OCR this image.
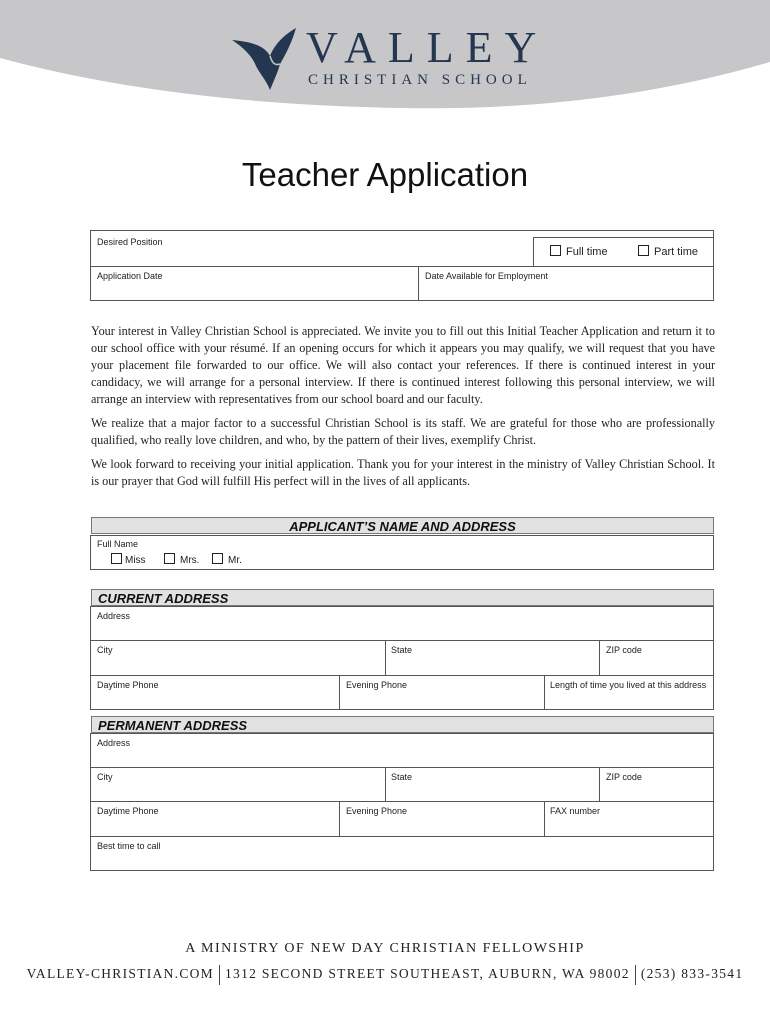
VALLEY
CHRISTIAN SCHOOL
Teacher Application
Desired Position
Full time	Part time
Application Date	Date Available for Employment
Your interest in Valley Christian School is appreciated. We invite you to fill out this Initial Teacher Application and return it to our school office with your résumé. If an opening occurs for which it appears you may qualify, we will request that you have your placement file forwarded to our office. We will also contact your references. If there is continued interest in your candidacy, we will arrange for a personal interview. If there is continued interest following this personal interview, we will arrange an interview with representatives from our school board and our faculty.
We realize that a major factor to a successful Christian School is its staff. We are grateful for those who are professionally qualified, who really love children, and who, by the pattern of their lives, exemplify Christ.
We look forward to receiving your initial application. Thank you for your interest in the ministry of Valley Christian School. It is our prayer that God will fulfill His perfect will in the lives of all applicants.
APPLICANT’S NAME AND ADDRESS
Full Name
Miss	Mrs.	Mr.
CURRENT ADDRESS
Address
City	State	ZIP code
Daytime Phone	Evening Phone	Length of time you lived at this address
PERMANENT ADDRESS
Address
City	State	ZIP code
Daytime Phone	Evening Phone	FAX number
Best time to call
A MINISTRY OF NEW DAY CHRISTIAN FELLOWSHIP
VALLEY-CHRISTIAN.COM 1312 SECOND STREET SOUTHEAST, AUBURN, WA 98002 (253) 833-3541
